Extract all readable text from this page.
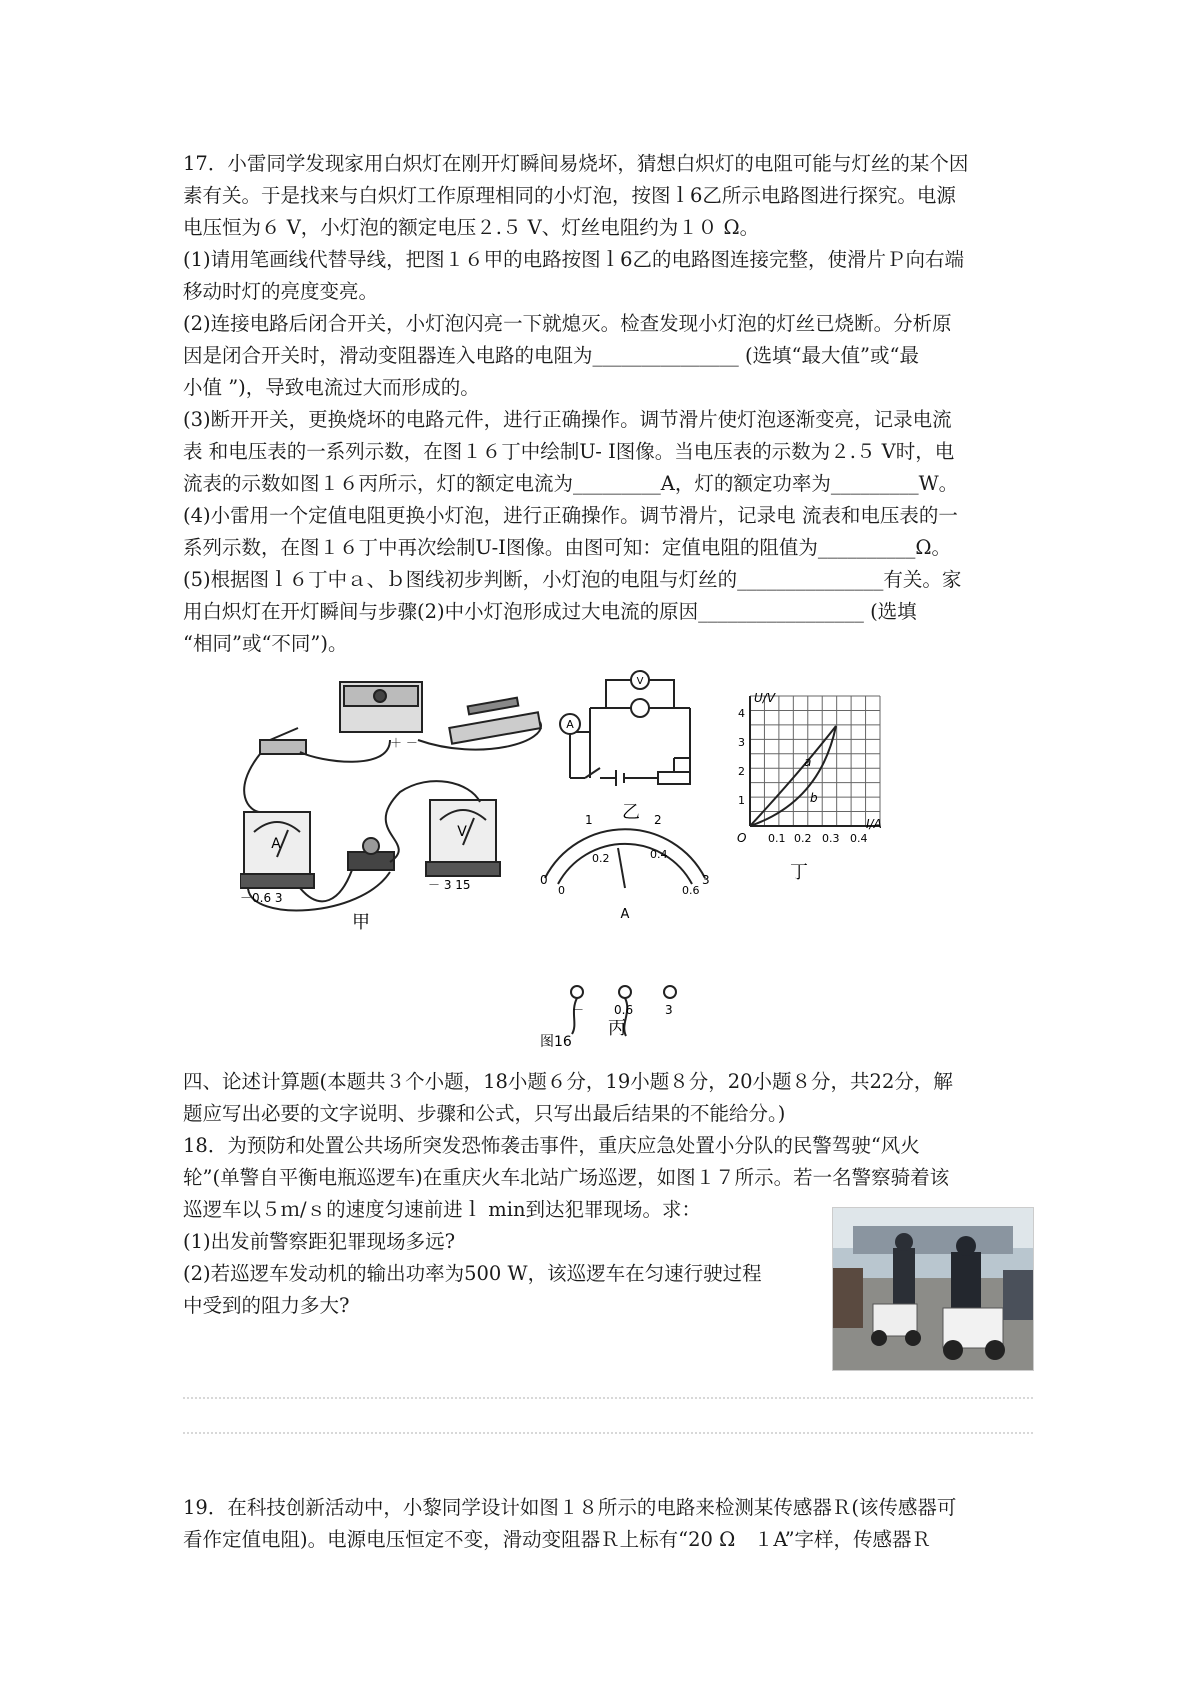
17．小雷同学发现家用白炽灯在刚开灯瞬间易烧坏，猜想白炽灯的电阻可能与灯丝的某个因
素有关。于是找来与白炽灯工作原理相同的小灯泡，按图ｌ6乙所示电路图进行探究。电源
电压恒为６ V，小灯泡的额定电压２.５ V、灯丝电阻约为１０ Ω。
(1)请用笔画线代替导线，把图１６甲的电路按图ｌ6乙的电路图连接完整，使滑片Ｐ向右端
移动时灯的亮度变亮。
(2)连接电路后闭合开关，小灯泡闪亮一下就熄灭。检查发现小灯泡的灯丝已烧断。分析原
因是闭合开关时，滑动变阻器连入电路的电阻为_______________ (选填“最大值”或“最
小值 ”)，导致电流过大而形成的。
(3)断开开关，更换烧坏的电路元件，进行正确操作。调节滑片使灯泡逐渐变亮，记录电流
表 和电压表的一系列示数，在图１６丁中绘制U- I图像。当电压表的示数为２.５ V时，电
流表的示数如图１６丙所示，灯的额定电流为_________A，灯的额定功率为_________W。
(4)小雷用一个定值电阻更换小灯泡，进行正确操作。调节滑片，记录电 流表和电压表的一
系列示数，在图１６丁中再次绘制U-I图像。由图可知：定值电阻的阻值为__________Ω。
(5)根据图ｌ６丁中ａ、ｂ图线初步判断，小灯泡的电阻与灯丝的_______________有关。家
用白炽灯在开灯瞬间与步骤(2)中小灯泡形成过大电流的原因_________________ (选填
“相同”或“不同”)。
A
V
＋ －
－0.6 3
－ 3 15
甲
V
A
乙
0
1	2
3
0
0.2	0.4
0.6
A
－ 0.6	3
丙
图16
U/V
I/A
O
1
2
3
4
0.1 0.2 0.3 0.4
a
b
丁
四、论述计算题(本题共３个小题，18小题６分，19小题８分，20小题８分，共22分，解
题应写出必要的文字说明、步骤和公式，只写出最后结果的不能给分。)
18．为预防和处置公共场所突发恐怖袭击事件，重庆应急处置小分队的民警驾驶“风火
轮”(单警自平衡电瓶巡逻车)在重庆火车北站广场巡逻，如图１７所示。若一名警察骑着该
巡逻车以５ｍ/ｓ的速度匀速前进ｌ min到达犯罪现场。求：
(1)出发前警察距犯罪现场多远?
(2)若巡逻车发动机的输出功率为500 W，该巡逻车在匀速行驶过程
中受到的阻力多大?
19．在科技创新活动中，小黎同学设计如图１８所示的电路来检测某传感器Ｒ(该传感器可
看作定值电阻)。电源电压恒定不变，滑动变阻器Ｒ上标有“20 Ω   １A”字样，传感器Ｒ
